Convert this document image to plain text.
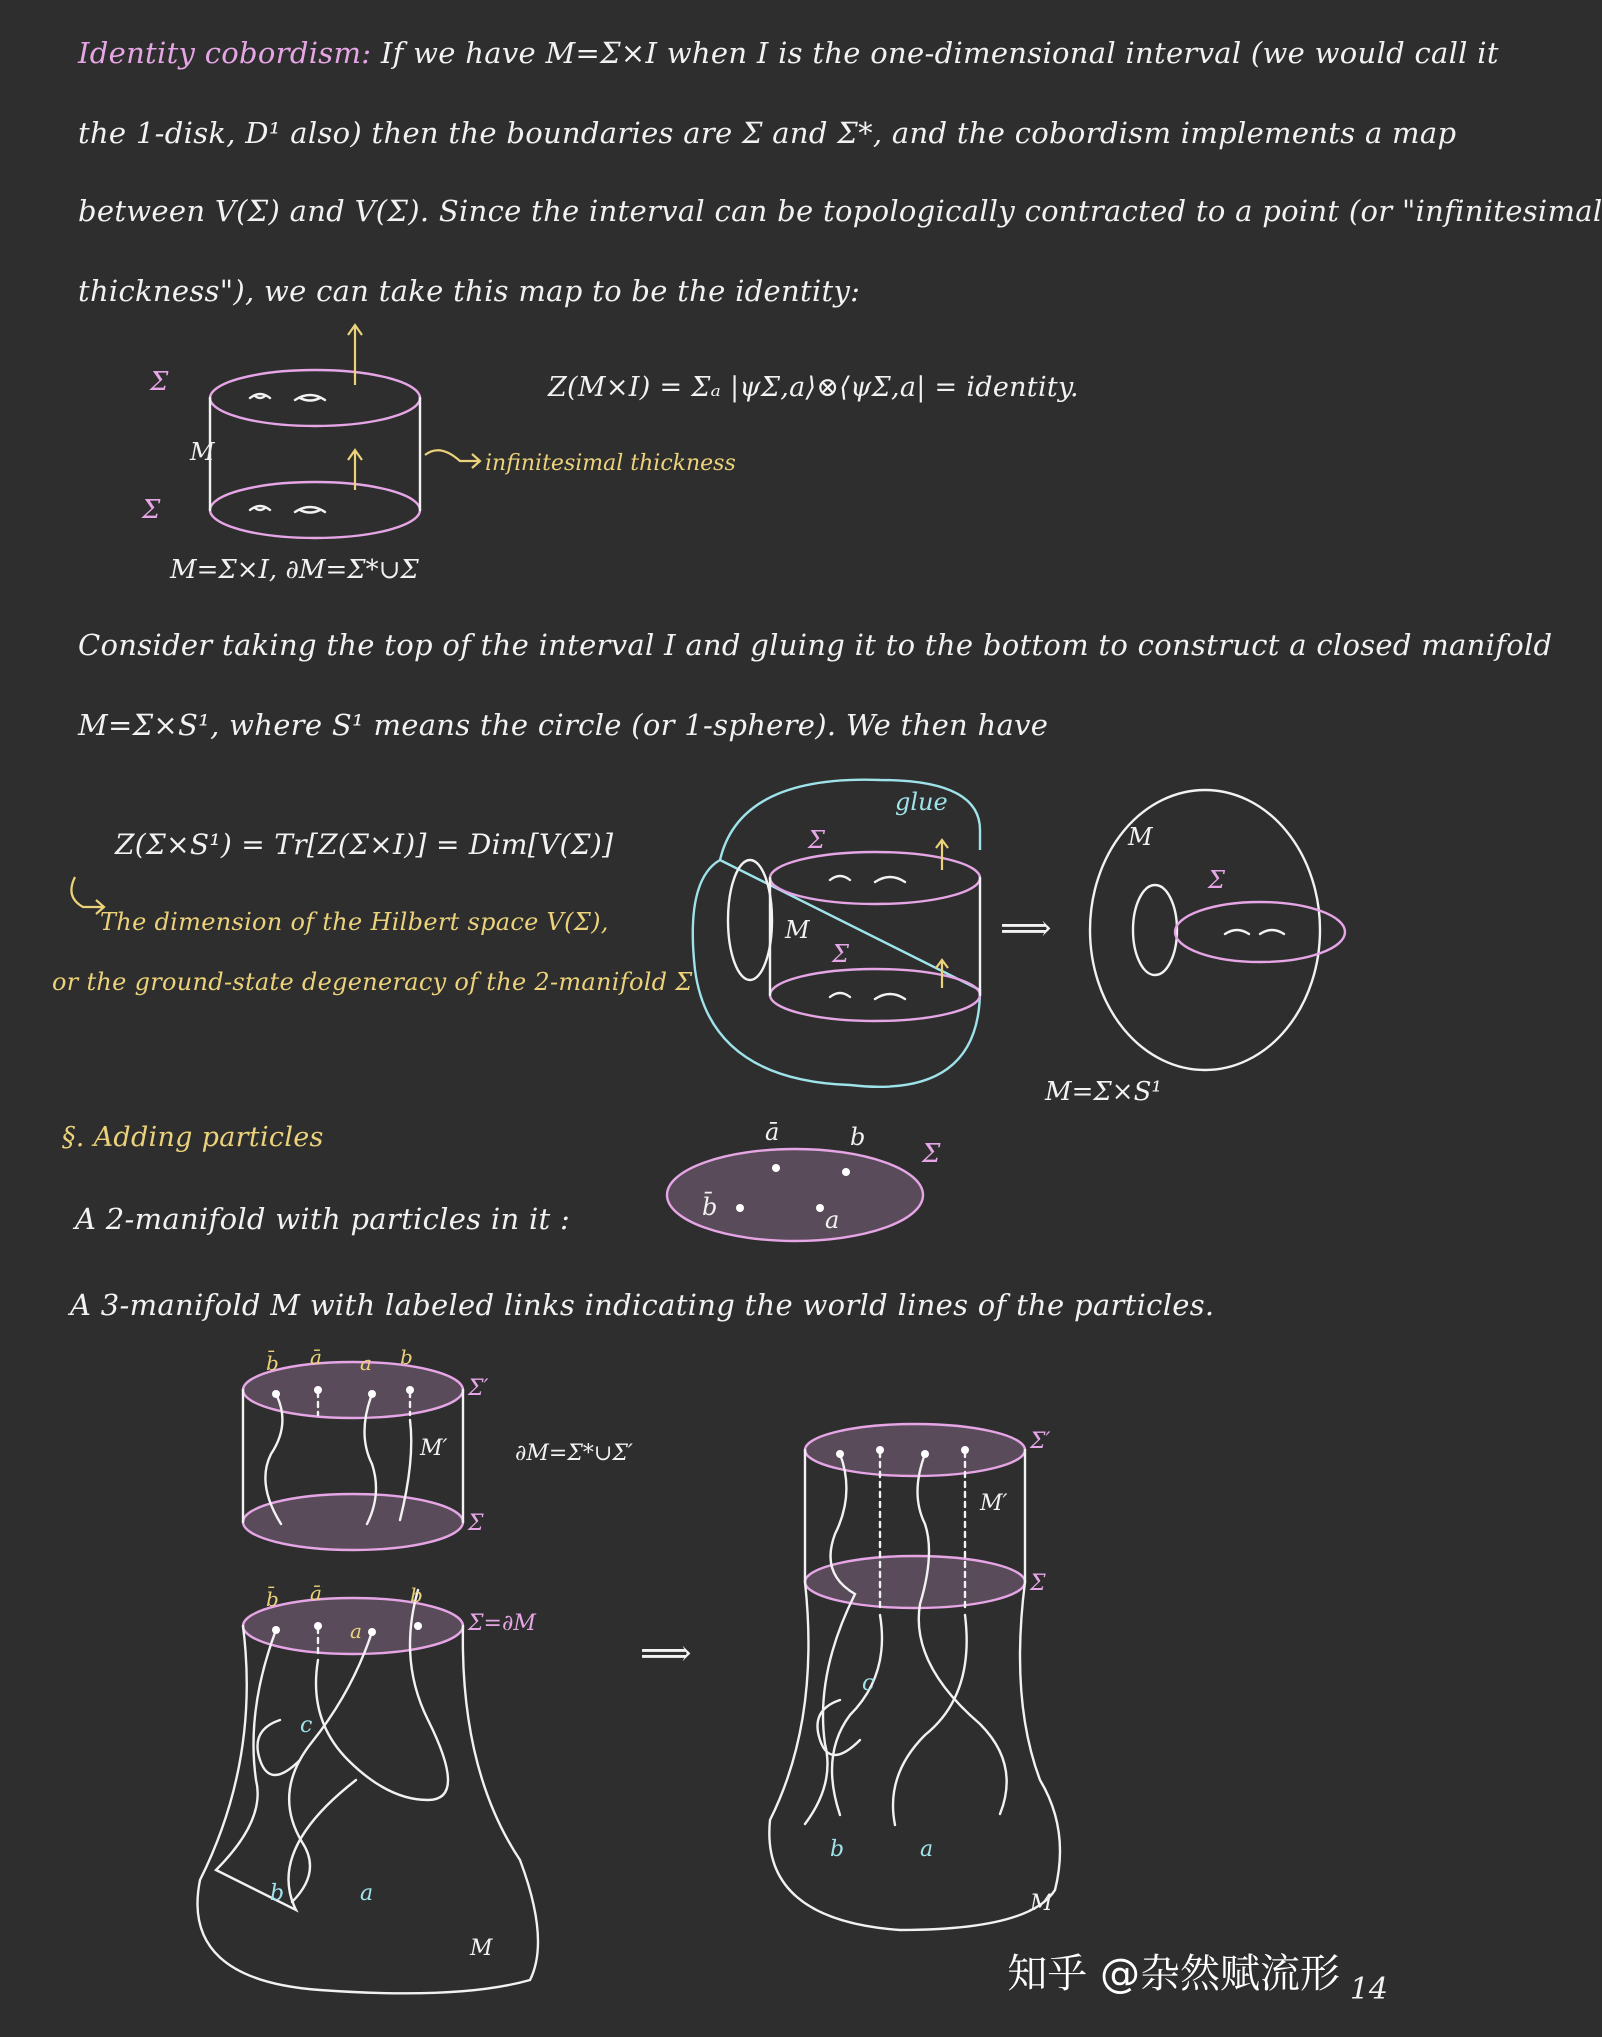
Identity cobordism: If we have M=Σ×I when I is the one-dimensional interval (we would call it
the 1-disk, D¹ also) then the boundaries are Σ and Σ*, and the cobordism implements a map
between V(Σ) and V(Σ). Since the interval can be topologically contracted to a point (or "infinitesimal
thickness"), we can take this map to be the identity:
Σ
Σ
M	infinitesimal thickness
M=Σ×I, ∂M=Σ*∪Σ
Z(M×I) = Σₐ |ψΣ,a⟩⊗⟨ψΣ,a| = identity.
Consider taking the top of the interval I and gluing it to the bottom to construct a closed manifold
M=Σ×S¹, where S¹ means the circle (or 1-sphere). We then have
Z(Σ×S¹) = Tr[Z(Σ×I)] = Dim[V(Σ)]
The dimension of the Hilbert space V(Σ),
or the ground-state degeneracy of the 2-manifold Σ
glue
Σ
Σ
M	⟹
M
Σ
M=Σ×S¹
§. Adding particles
A 2-manifold with particles in it :
A 3-manifold M with labeled links indicating the world lines of the particles.
ā	b
b̄	a
Σ
b̄ ā a b
Σ′
M′
Σ
∂M=Σ*∪Σ′
b̄ ā
a
b
Σ=∂M
c
b	a
M
⟹
Σ′
M′
Σ
c
b	a
M
知乎 @杂然赋流形 14
